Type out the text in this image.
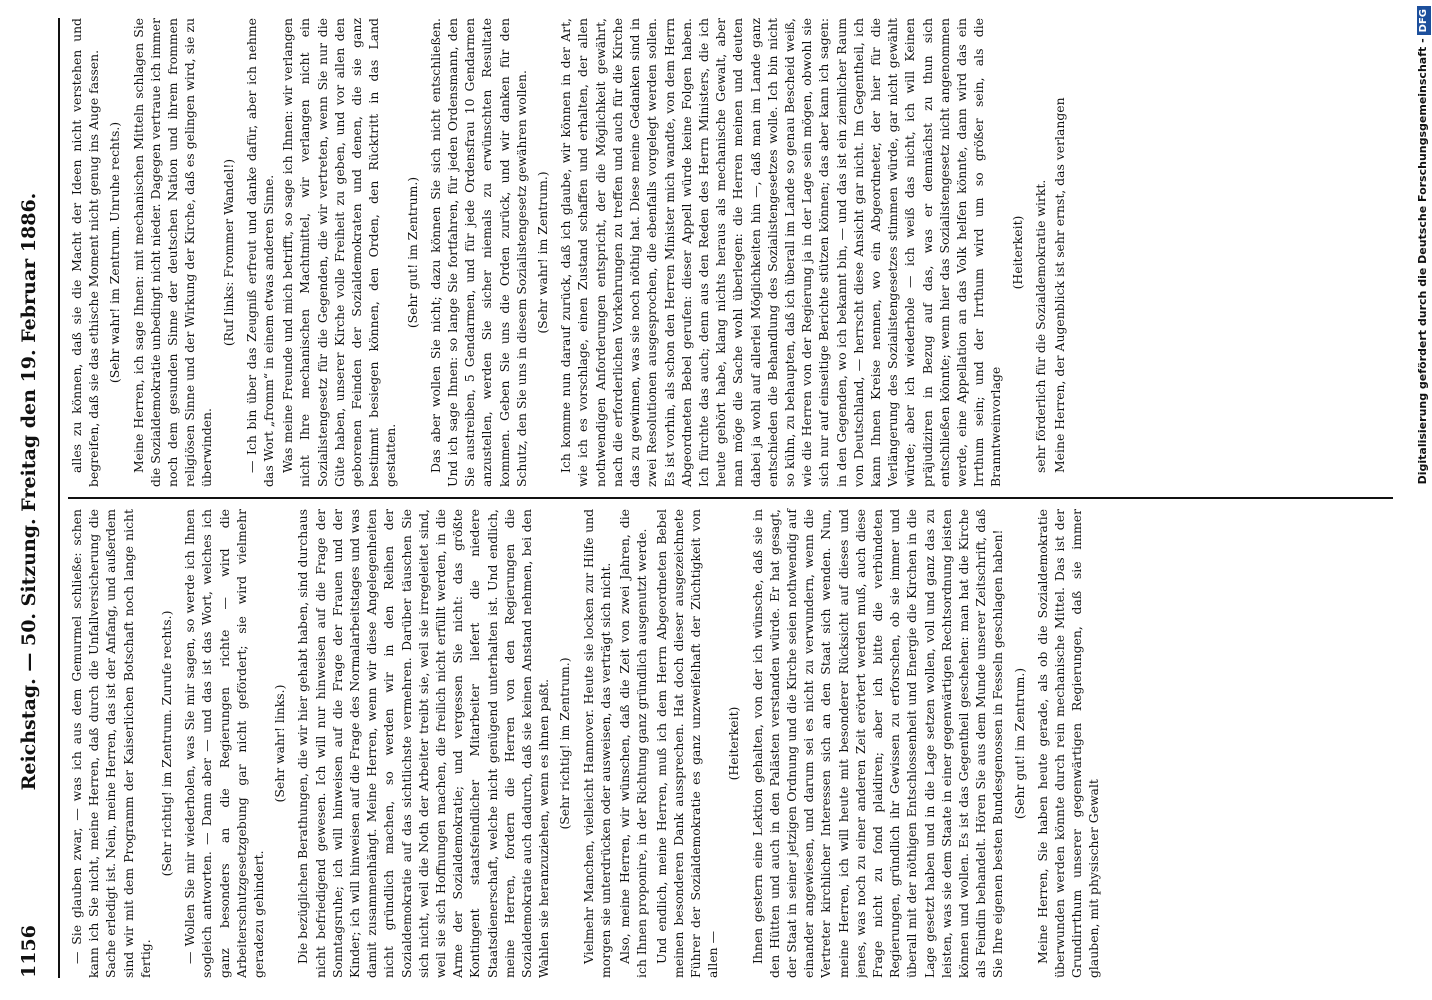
1156
Reichstag. — 50. Sitzung. Freitag den 19. Februar 1886. — Sie glauben zwar, — was ich aus dem Gemurmel schließe: schen kann ich Sie nicht, meine Herren, daß durch die Unfallversicherung die Sache erledigt ist. Nein, meine Herren, das ist der Anfang, und außerdem sind wir mit dem Programm der Kaiserlichen Botschaft noch lange nicht fertig.

(Sehr richtig! im Zentrum. Zurufe rechts.) — Wollen Sie mir wiederholen, was Sie mir sagen, so werde ich Ihnen sogleich antworten. — Dann aber — und das ist das Wort, welches ich ganz besonders an die Regierungen richte — wird die Arbeiterschutzgesetzgebung gar nicht gefördert; sie wird vielmehr geradezu gehindert.

(Sehr wahr! links.) Die bezüglichen Berathungen, die wir hier gehabt haben, sind durchaus nicht befriedigend gewesen. Ich will nur hinweisen auf die Frage der Sonntagsruhe; ich will hinweisen auf die Frage der Frauen und der Kinder; ich will hinweisen auf die Frage des Normalarbeitstages und was damit zusammenhängt. Meine Herren, wenn wir diese Angelegenheiten nicht gründlich machen, so werden wir in den Reihen der Sozialdemokratie auf das sichtlichste vermehren. Darüber täuschen Sie sich nicht, weil die Noth der Arbeiter treibt sie, weil sie irregeleitet sind, weil sie sich Hoffnungen machen, die freilich nicht erfüllt werden, in die Arme der Sozialdemokratie; und vergessen Sie nicht: das größte Kontingent staatsfeindlicher Mitarbeiter liefert die niedere Staatsdienerschaft, welche nicht genügend unterhalten ist. Und endlich, meine Herren, fordern die Herren von den Regierungen die Sozialdemokratie auch dadurch, daß sie keinen Anstand nehmen, bei den Wahlen sie heranzuziehen, wenn es ihnen paßt. (Sehr richtig! im Zentrum.) Vielmehr Manchen, vielleicht Hannover. Heute sie locken zur Hilfe und morgen sie unterdrücken oder ausweisen, das verträgt sich nicht. Also, meine Herren, wir wünschen, daß die Zeit von zwei Jahren, die ich Ihnen proponire, in der Richtung ganz gründlich ausgenutzt werde. Und endlich, meine Herren, muß ich dem Herrn Abgeordneten Bebel meinen besonderen Dank aussprechen. Hat doch dieser ausgezeichnete Führer der Sozialdemokratie es ganz unzweifelhaft der Züchtigkeit von allen —

(Heiterkeit) Ihnen gestern eine Lektion gehalten, von der ich wünsche, daß sie in den Hütten und auch in den Palästen verstanden würde. Er hat gesagt, der Staat in seiner jetzigen Ordnung und die Kirche seien nothwendig auf einander angewiesen, und darum sei es nicht zu verwundern, wenn die Vertreter kirchlicher Interessen sich an den Staat sich wenden. Nun, meine Herren, ich will heute mit besonderer Rücksicht auf dieses und jenes, was noch zu einer anderen Zeit erörtert werden muß, auch diese Frage nicht zu fond plaidiren; aber ich bitte die verbündeten Regierungen, gründlich ihr Gewissen zu erforschen, ob sie immer und überall mit der nöthigen Entschlossenheit und Energie die Kirchen in die Lage gesetzt haben und in die Lage setzen wollen, voll und ganz das zu leisten, was sie dem Staate in einer gegenwärtigen Rechtsordnung leisten können und wollen. Es ist das Gegentheil geschehen: man hat die Kirche als Feindin behandelt. Hören Sie aus dem Munde unserer Zeitschrift, daß Sie Ihre eigenen besten Bundesgenossen in Fesseln geschlagen haben! (Sehr gut! im Zentrum.) Meine Herren, Sie haben heute gerade, als ob die Sozialdemokratie überwunden werden könnte durch rein mechanische Mittel. Das ist der Grundirrthum unserer gegenwärtigen Regierungen, daß sie immer glauben, mit physischer Gewalt

alles zu können, daß sie die Macht der Ideen nicht verstehen und begreifen, daß sie das ethische Moment nicht genug ins Auge fassen. (Sehr wahr! im Zentrum. Unruhe rechts.) Meine Herren, ich sage Ihnen: mit mechanischen Mitteln schlagen Sie die Sozialdemokratie unbedingt nicht nieder. Dagegen vertraue ich immer noch dem gesunden Sinne der deutschen Nation und ihrem frommen religiösen Sinne und der Wirkung der Kirche, daß es gelingen wird, sie zu überwinden.

(Ruf links: Frommer Wandel!) — Ich bin über das Zeugniß erfreut und danke dafür, aber ich nehme das Wort „fromm“ in einem etwas anderen Sinne. Was meine Freunde und mich betrifft, so sage ich Ihnen: wir verlangen nicht Ihre mechanischen Machtmittel, wir verlangen nicht ein Sozialistengesetz für die Gegenden, die wir vertreten, wenn Sie nur die Güte haben, unserer Kirche volle Freiheit zu geben, und vor allen den geborenen Feinden der Sozialdemokraten und denen, die sie ganz bestimmt besiegen können, den Orden, den Rücktritt in das Land gestatten.

(Sehr gut! im Zentrum.) Das aber wollen Sie nicht; dazu können Sie sich nicht entschließen. Und ich sage Ihnen: so lange Sie fortfahren, für jeden Ordensmann, den Sie austreiben, 5 Gendarmen, und für jede Ordensfrau 10 Gendarmen anzustellen, werden Sie sicher niemals zu erwünschten Resultate kommen. Geben Sie uns die Orden zurück, und wir danken für den Schutz, den Sie uns in diesem Sozialistengesetz gewähren wollen. (Sehr wahr! im Zentrum.) Ich komme nun darauf zurück, daß ich glaube, wir können in der Art, wie ich es vorschlage, einen Zustand schaffen und erhalten, der allen nothwendigen Anforderungen entspricht, der die Möglichkeit gewährt, nach die erforderlichen Vorkehrungen zu treffen und auch für die Kirche das zu gewinnen, was sie noch nöthig hat. Diese meine Gedanken sind in zwei Resolutionen ausgesprochen, die ebenfalls vorgelegt werden sollen. Es ist vorhin, als schon den Herren Minister mich wandte, von dem Herrn Abgeordneten Bebel gerufen: dieser Appell würde keine Folgen haben. Ich fürchte das auch; denn aus den Reden des Herrn Ministers, die ich heute gehört habe, klang nichts heraus als mechanische Gewalt, aber man möge die Sache wohl überlegen: die Herren meinen und deuten dabei ja wohl auf allerlei Möglichkeiten hin —, daß man im Lande ganz entschieden die Behandlung des Sozialistengesetzes wolle. Ich bin nicht so kühn, zu behaupten, daß ich überall im Lande so genau Bescheid weiß, wie die Herren von der Regierung ja in der Lage sein mögen, obwohl sie sich nur auf einseitige Berichte stützen können; das aber kann ich sagen: in den Gegenden, wo ich bekannt bin, — und das ist ein ziemlicher Raum von Deutschland, — herrscht diese Ansicht gar nicht. Im Gegentheil, ich kann Ihnen Kreise nennen, wo ein Abgeordneter, der hier für die Verlängerung des Sozialistengesetzes stimmen würde, gar nicht gewählt würde; aber ich wiederhole — ich weiß das nicht, ich will Keinen präjudiziren in Bezug auf das, was er demnächst zu thun sich entschließen könnte; wenn hier das Sozialistengesetz nicht angenommen werde, eine Appellation an das Volk helfen könnte, dann wird das ein Irrthum sein; und der Irrthum wird um so größer sein, als die Branntweinvorlage

(Heiterkeit) sehr förderlich für die Sozialdemokratie wirkt. Meine Herren, der Augenblick ist sehr ernst, das verlangen	Digitalisierung gefördert durch die Deutsche Forschungsgemeinschaft -DFG
